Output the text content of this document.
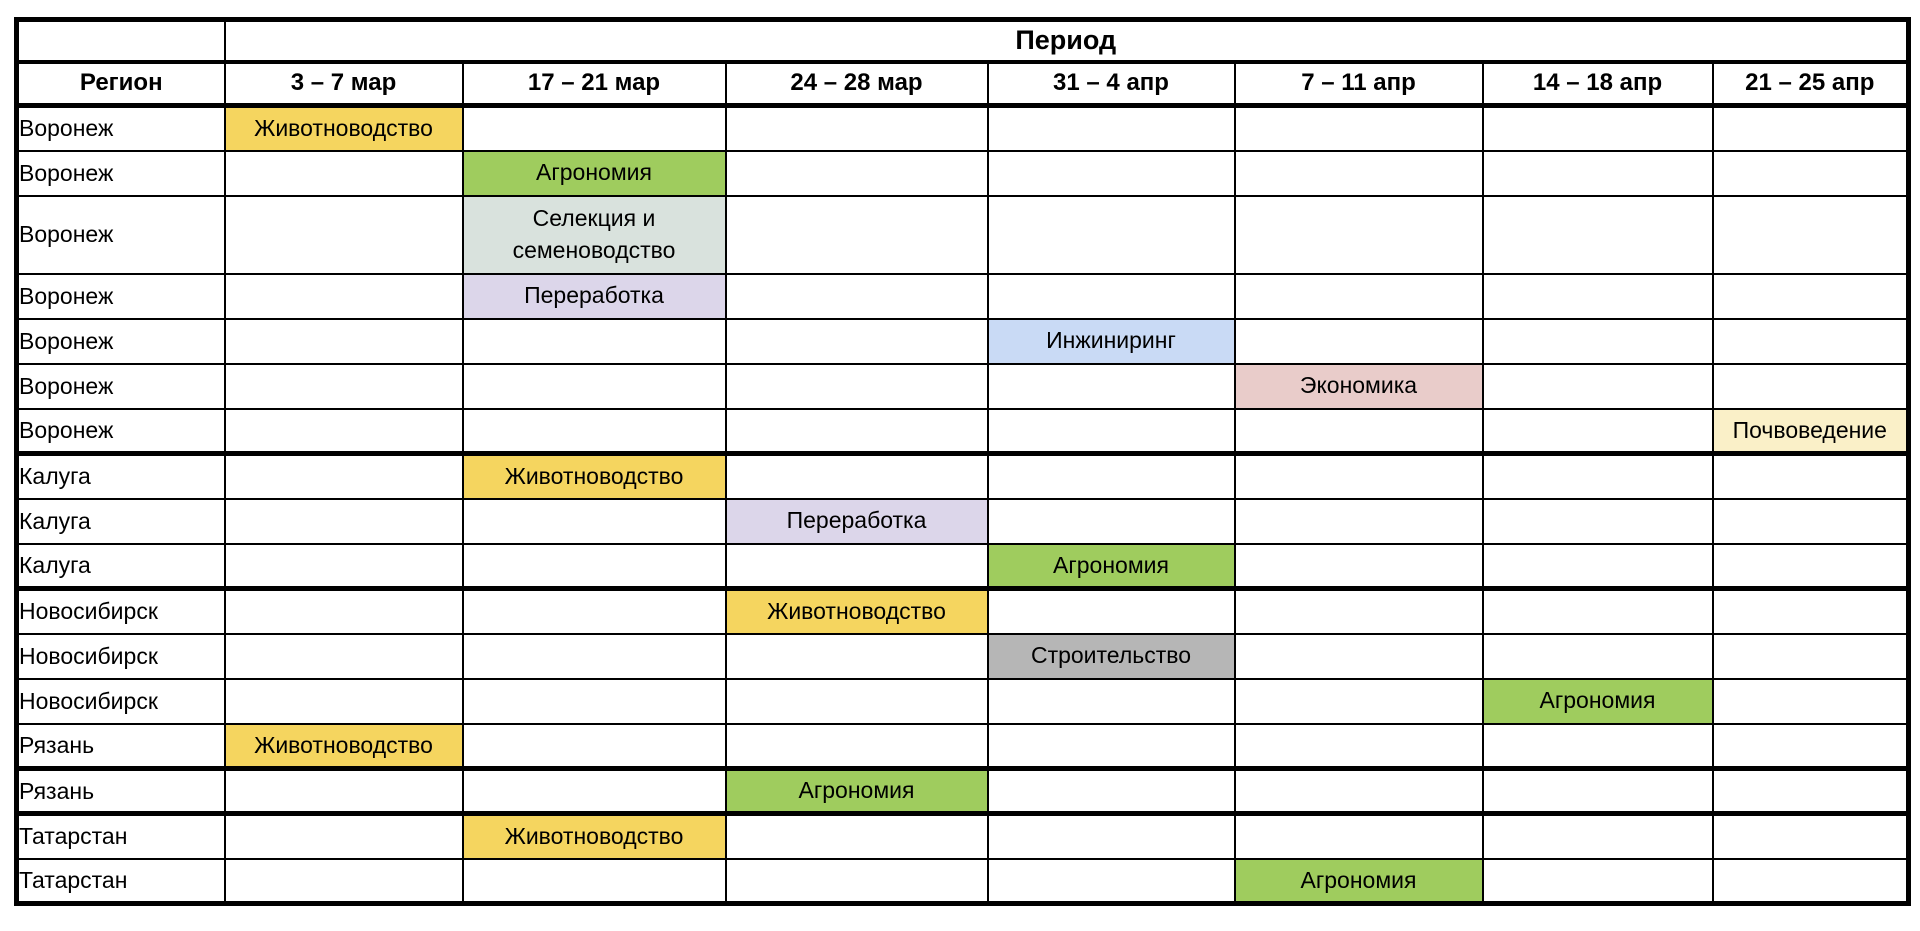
	Период						
Регион	3 – 7 мар	17 – 21 мар	24 – 28 мар	31 – 4 апр	7 – 11 апр	14 – 18 апр	21 – 25 апр
Воронеж	Животноводство						
Воронеж		Агрономия					
Воронеж		Селекция и семеноводство					
Воронеж		Переработка					
Воронеж				Инжиниринг			
Воронеж					Экономика		
Воронеж							Почвоведение
Калуга		Животноводство					
Калуга			Переработка				
Калуга				Агрономия			
Новосибирск			Животноводство				
Новосибирск				Строительство			
Новосибирск						Агрономия	
Рязань	Животноводство						
Рязань			Агрономия				
Татарстан		Животноводство					
Татарстан					Агрономия		
